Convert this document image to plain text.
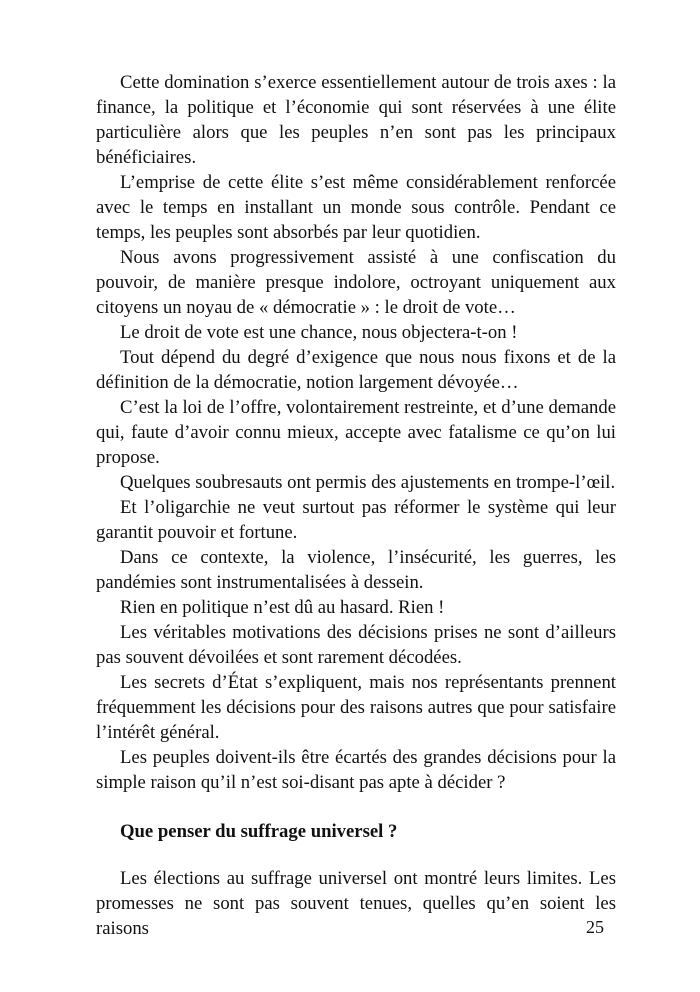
Cette domination s’exerce essentiellement autour de trois axes : la finance, la politique et l’économie qui sont réservées à une élite particulière alors que les peuples n’en sont pas les principaux bénéficiaires.

L’emprise de cette élite s’est même considérablement renforcée avec le temps en installant un monde sous contrôle. Pendant ce temps, les peuples sont absorbés par leur quotidien.

Nous avons progressivement assisté à une confiscation du pouvoir, de manière presque indolore, octroyant uniquement aux citoyens un noyau de « démocratie » : le droit de vote…

Le droit de vote est une chance, nous objectera-t-on !

Tout dépend du degré d’exigence que nous nous fixons et de la définition de la démocratie, notion largement dévoyée…

C’est la loi de l’offre, volontairement restreinte, et d’une demande qui, faute d’avoir connu mieux, accepte avec fatalisme ce qu’on lui propose.

Quelques soubresauts ont permis des ajustements en trompe-l’œil.

Et l’oligarchie ne veut surtout pas réformer le système qui leur garantit pouvoir et fortune.

Dans ce contexte, la violence, l’insécurité, les guerres, les pandémies sont instrumentalisées à dessein.

Rien en politique n’est dû au hasard. Rien !

Les véritables motivations des décisions prises ne sont d’ailleurs pas souvent dévoilées et sont rarement décodées.

Les secrets d’État s’expliquent, mais nos représentants prennent fréquemment les décisions pour des raisons autres que pour satisfaire l’intérêt général.

Les peuples doivent-ils être écartés des grandes décisions pour la simple raison qu’il n’est soi-disant pas apte à décider ?

Que penser du suffrage universel ?

Les élections au suffrage universel ont montré leurs limites. Les promesses ne sont pas souvent tenues, quelles qu’en soient les raisons	25
